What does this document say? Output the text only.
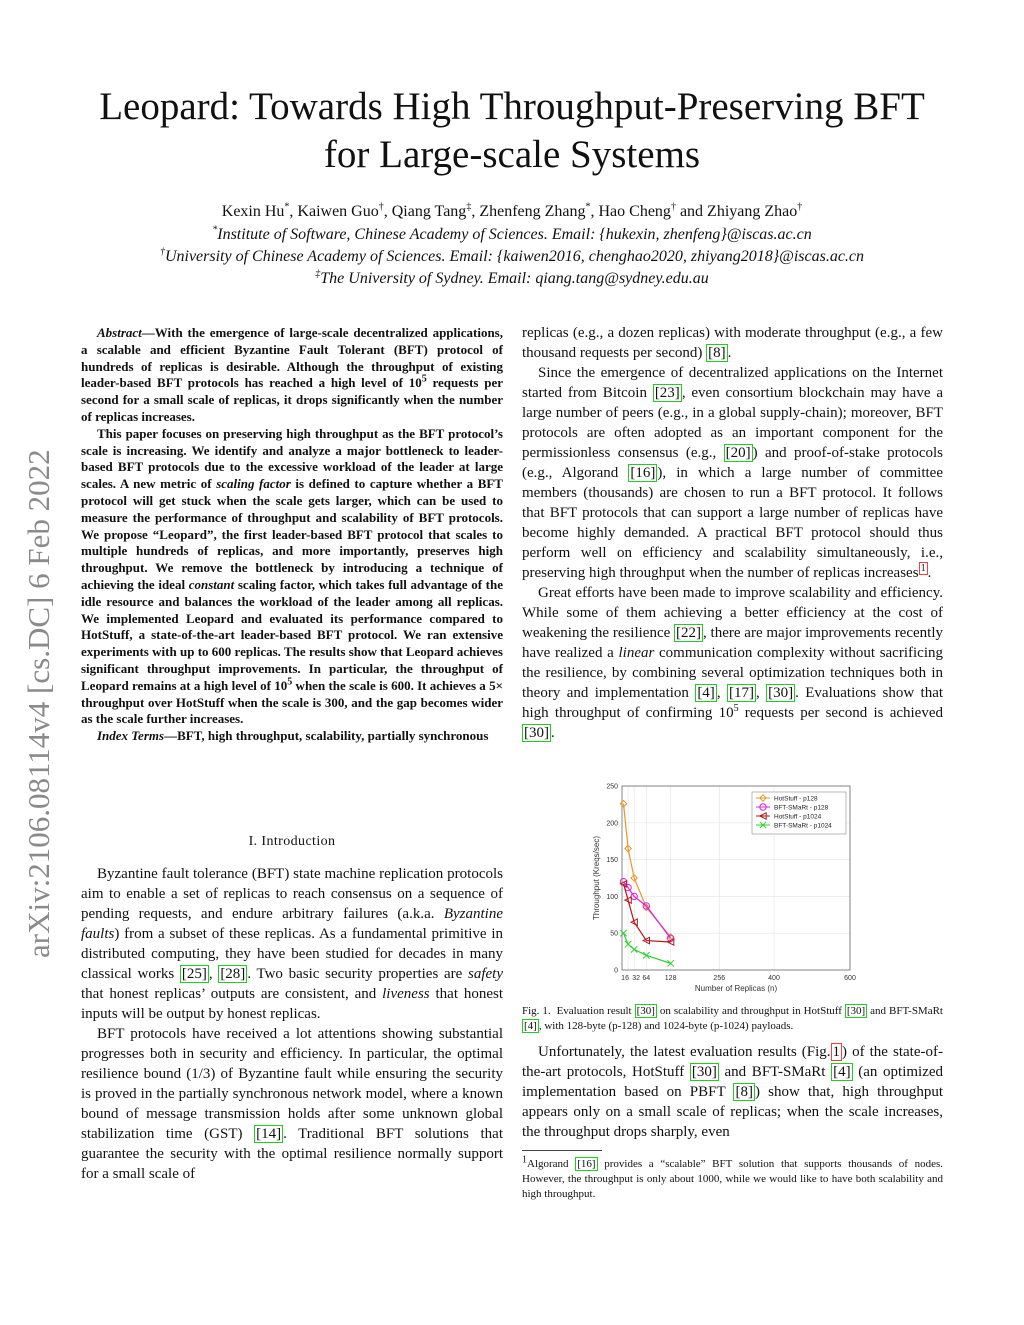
arXiv:2106.08114v4 [cs.DC] 6 Feb 2022
Leopard: Towards High Throughput-Preserving BFT
for Large-scale Systems
Kexin Hu*, Kaiwen Guo†, Qiang Tang‡, Zhenfeng Zhang*, Hao Cheng† and Zhiyang Zhao†
*Institute of Software, Chinese Academy of Sciences. Email: {hukexin, zhenfeng}@iscas.ac.cn
†University of Chinese Academy of Sciences. Email: {kaiwen2016, chenghao2020, zhiyang2018}@iscas.ac.cn
‡The University of Sydney. Email: qiang.tang@sydney.edu.au

Abstract—With the emergence of large-scale decentralized applications, a scalable and efficient Byzantine Fault Tolerant (BFT) protocol of hundreds of replicas is desirable. Although the throughput of existing leader-based BFT protocols has reached a high level of $10^5$ requests per second for a small scale of replicas, it drops significantly when the number of replicas increases.

This paper focuses on preserving high throughput as the BFT protocol’s scale is increasing. We identify and analyze a major bottleneck to leader-based BFT protocols due to the excessive workload of the leader at large scales. A new metric of scaling factor is defined to capture whether a BFT protocol will get stuck when the scale gets larger, which can be used to measure the performance of throughput and scalability of BFT protocols. We propose “Leopard”, the first leader-based BFT protocol that scales to multiple hundreds of replicas, and more importantly, preserves high throughput. We remove the bottleneck by introducing a technique of achieving the ideal constant scaling factor, which takes full advantage of the idle resource and balances the workload of the leader among all replicas. We implemented Leopard and evaluated its performance compared to HotStuff, a state-of-the-art leader-based BFT protocol. We ran extensive experiments with up to 600 replicas. The results show that Leopard achieves significant throughput improvements. In particular, the throughput of Leopard remains at a high level of $10^5$ when the scale is 600. It achieves a 5× throughput over HotStuff when the scale is 300, and the gap becomes wider as the scale further increases.

Index Terms—BFT, high throughput, scalability, partially synchronous

I. Introduction

Byzantine fault tolerance (BFT) state machine replication protocols aim to enable a set of replicas to reach consensus on a sequence of pending requests, and endure arbitrary failures (a.k.a. Byzantine faults) from a subset of these replicas. As a fundamental primitive in distributed computing, they have been studied for decades in many classical works [25] , [28] . Two basic security properties are safety that honest replicas’ outputs are consistent, and liveness that honest inputs will be output by honest replicas.

BFT protocols have received a lot attentions showing substantial progresses both in security and efficiency. In particular, the optimal resilience bound (1/3) of Byzantine fault while ensuring the security is proved in the partially synchronous network model, where a known bound of message transmission holds after some unknown global stabilization time (GST) [14] . Traditional BFT solutions that guarantee the security with the optimal resilience normally support for a small scale of

replicas (e.g., a dozen replicas) with moderate throughput (e.g., a few thousand requests per second) [8] .

Since the emergence of decentralized applications on the Internet started from Bitcoin [23] , even consortium blockchain may have a large number of peers (e.g., in a global supply-chain); moreover, BFT protocols are often adopted as an important component for the permissionless consensus (e.g., [20] ) and proof-of-stake protocols (e.g., Algorand [16] ), in which a large number of committee members (thousands) are chosen to run a BFT protocol. It follows that BFT protocols that can support a large number of replicas have become highly demanded. A practical BFT protocol should thus perform well on efficiency and scalability simultaneously, i.e., preserving high throughput when the number of replicas increases $^1$ .

Great efforts have been made to improve scalability and efficiency. While some of them achieving a better efficiency at the cost of weakening the resilience [22] , there are major improvements recently have realized a linear communication complexity without sacrificing the resilience, by combining several optimization techniques both in theory and implementation [4] , [17] , [30] . Evaluations show that high throughput of confirming $10^5$ requests per second is achieved [30] .

0
50
100
150
200
250
16 32 64 128	256	400	600
Number of Replicas (n)
Throughput (Kreqs/sec)
HotStuff - p128
BFT-SMaRt - p128
HotStuff - p1024
BFT-SMaRt - p1024
Fig. 1. Evaluation result [30] on scalability and throughput in HotStuff [30] and BFT-SMaRt [4] , with 128-byte (p-128) and 1024-byte (p-1024) payloads.

Unfortunately, the latest evaluation results (Fig. 1 ) of the state-of-the-art protocols, HotStuff [30] and BFT-SMaRt [4] (an optimized implementation based on PBFT [8] ) show that, high throughput appears only on a small scale of replicas; when the scale increases, the throughput drops sharply, even

$^1$Algorand [16] provides a “scalable” BFT solution that supports thousands of nodes. However, the throughput is only about 1000, while we would like to have both scalability and high throughput.
